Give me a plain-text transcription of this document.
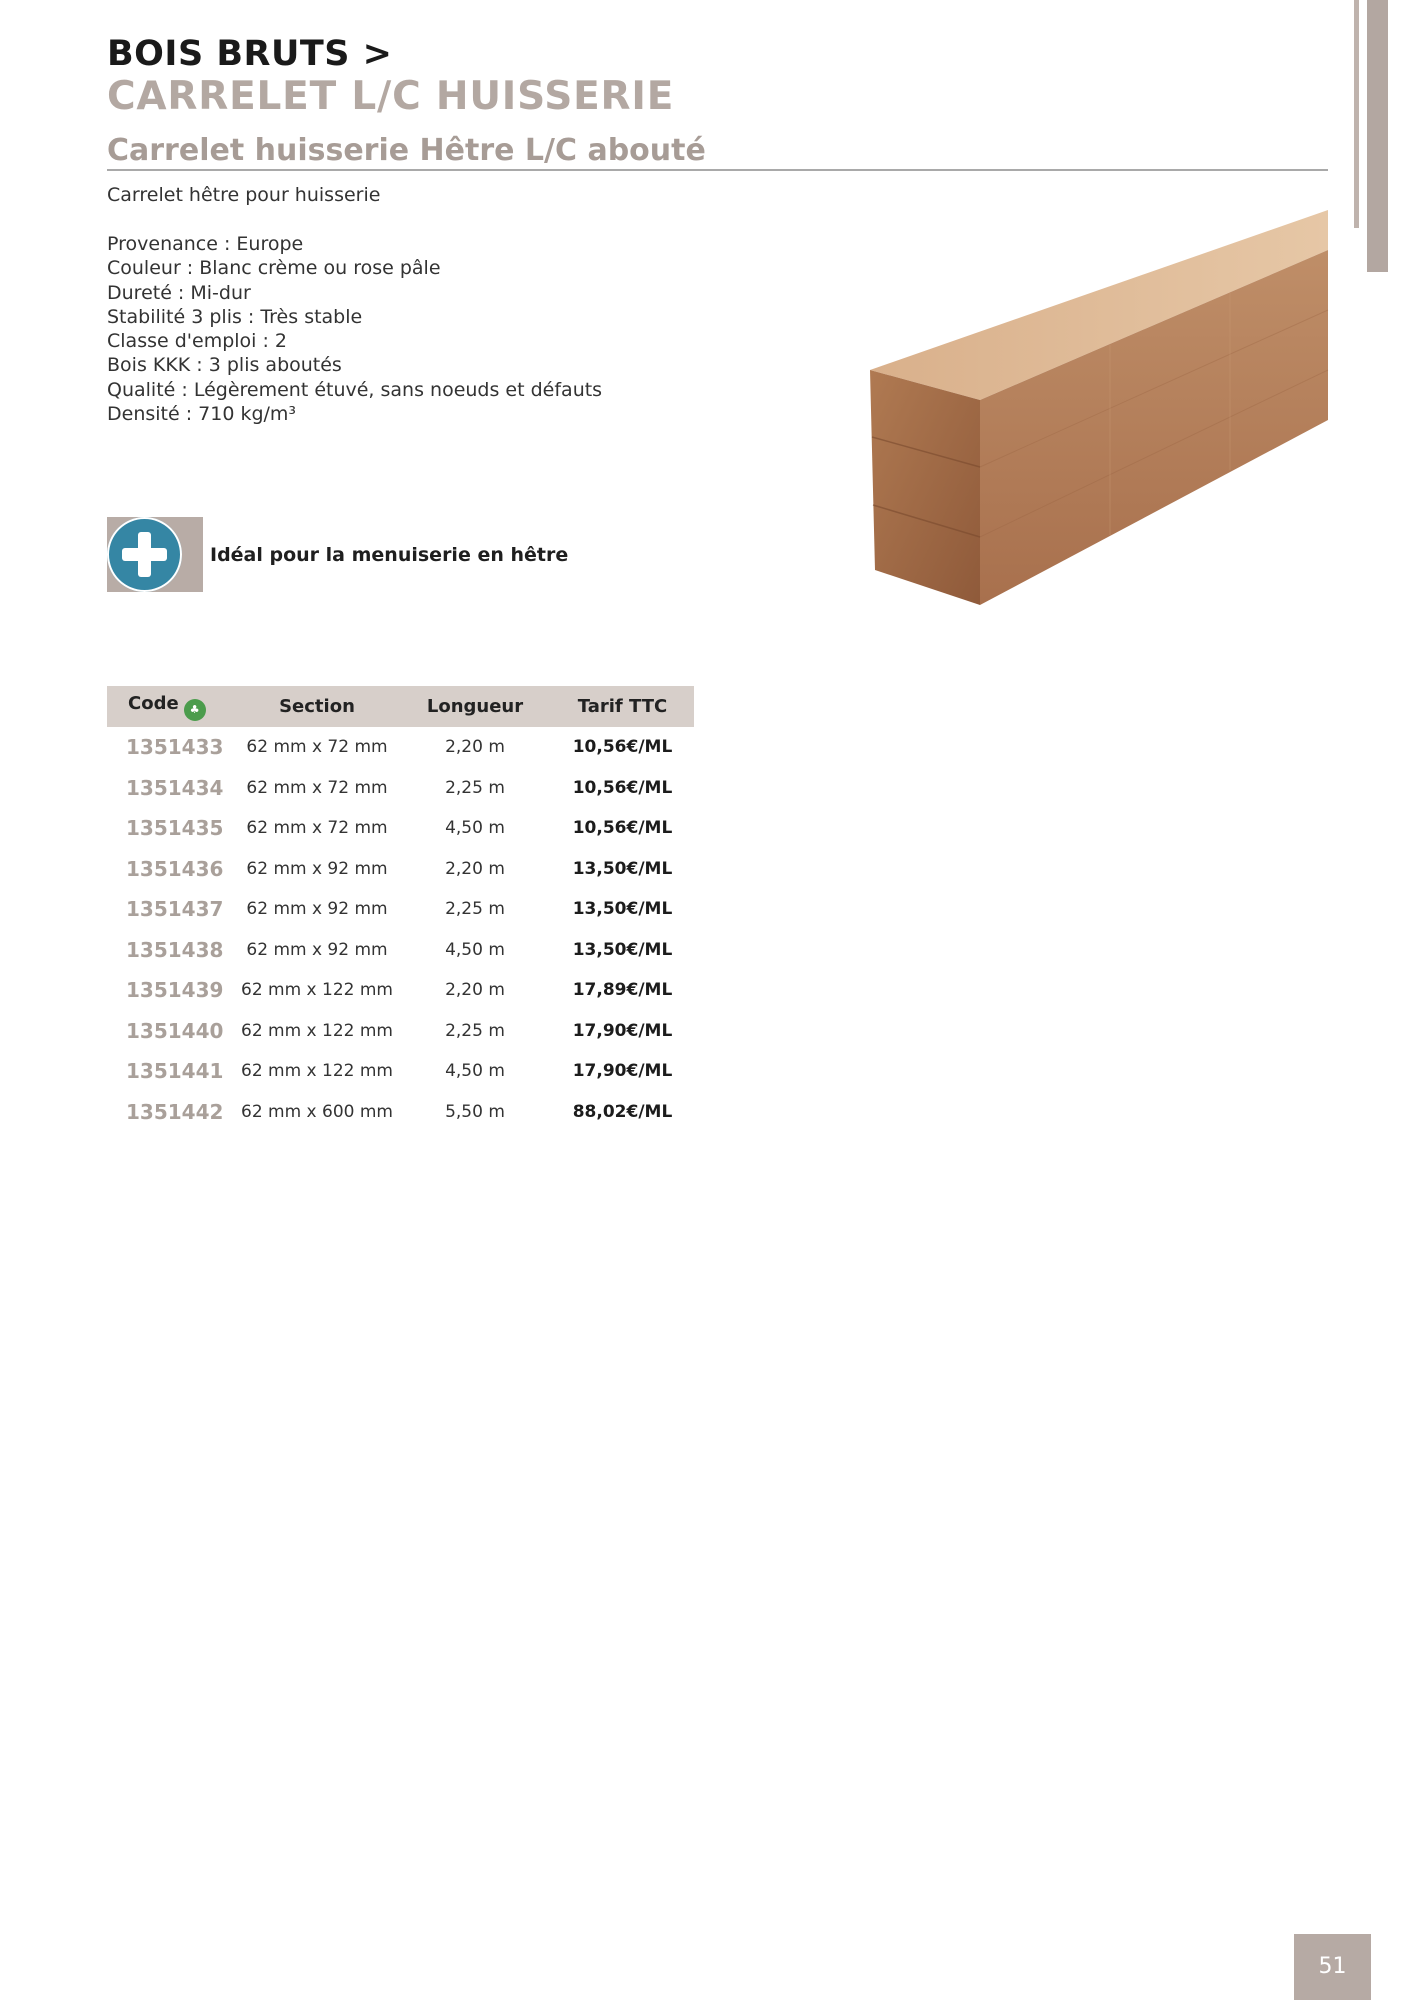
BOIS BRUTS >
CARRELET L/C HUISSERIE
Carrelet huisserie Hêtre L/C abouté
Carrelet hêtre pour huisserie
Provenance : Europe
Couleur : Blanc crème ou rose pâle
Dureté : Mi-dur
Stabilité 3 plis : Très stable
Classe d'emploi : 2
Bois KKK : 3 plis aboutés
Qualité : Légèrement étuvé, sans noeuds et défauts
Densité : 710 kg/m³
Idéal pour la menuiserie en hêtre
Code ♣	Section	Longueur	Tarif TTC
1351433	62 mm x 72 mm	2,20 m	10,56€/ML
1351434	62 mm x 72 mm	2,25 m	10,56€/ML
1351435	62 mm x 72 mm	4,50 m	10,56€/ML
1351436	62 mm x 92 mm	2,20 m	13,50€/ML
1351437	62 mm x 92 mm	2,25 m	13,50€/ML
1351438	62 mm x 92 mm	4,50 m	13,50€/ML
1351439	62 mm x 122 mm	2,20 m	17,89€/ML
1351440	62 mm x 122 mm	2,25 m	17,90€/ML
1351441	62 mm x 122 mm	4,50 m	17,90€/ML
1351442	62 mm x 600 mm	5,50 m	88,02€/ML
51
